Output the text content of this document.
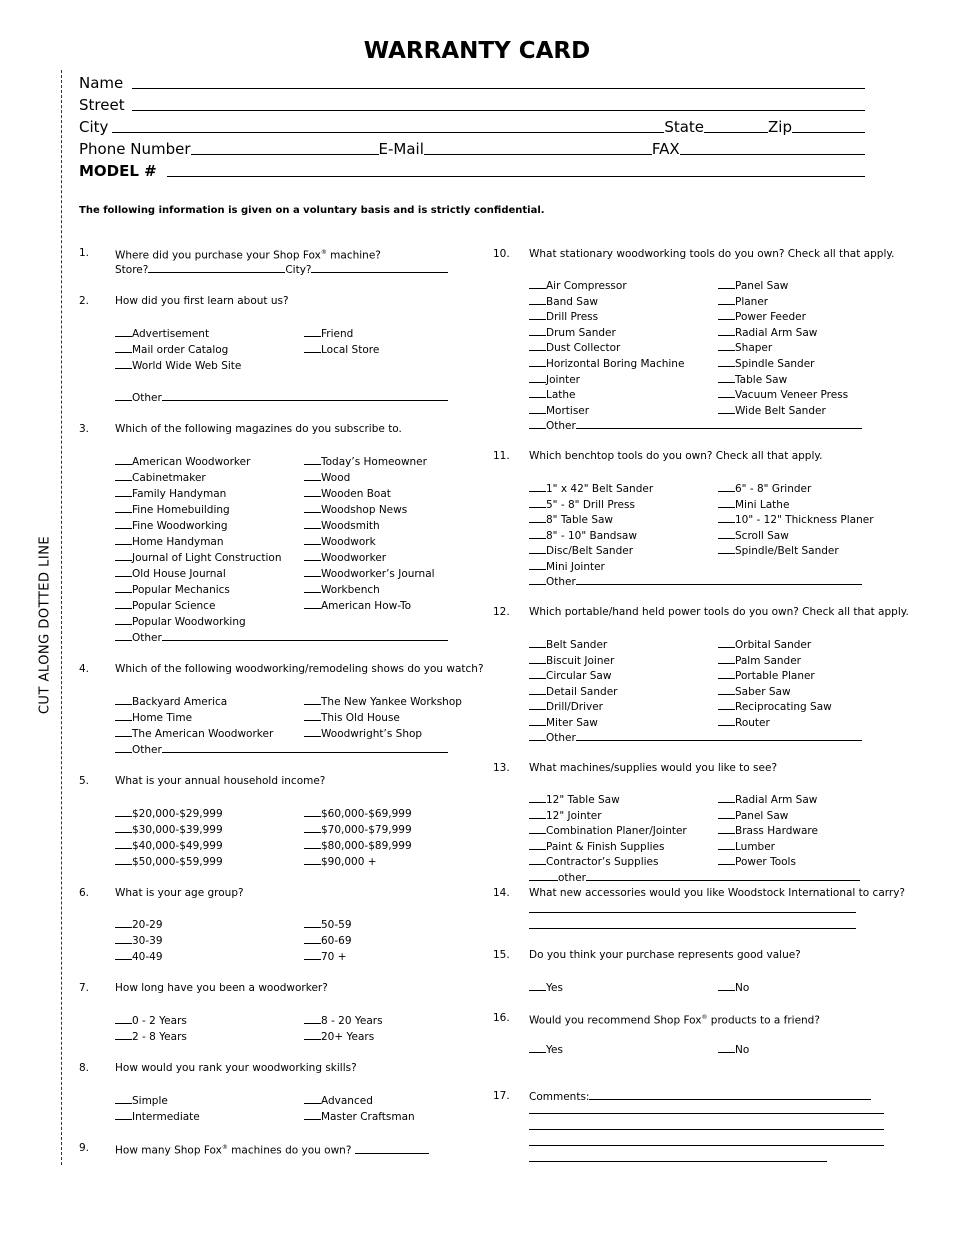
CUT ALONG DOTTED LINE
WARRANTY CARD
Name
Street
City	State	Zip
Phone Number	E-Mail	FAX
MODEL #
The following information is given on a voluntary basis and is strictly confidential.
1. Where did you purchase your Shop Fox® machine?
Store?	City?
2. How did you first learn about us?
Advertisement
Mail order Catalog
World Wide Web Site
Friend
Local Store
Other
3. Which of the following magazines do you subscribe to.
American Woodworker
Cabinetmaker
Family Handyman
Fine Homebuilding
Fine Woodworking
Home Handyman
Journal of Light Construction
Old House Journal
Popular Mechanics
Popular Science
Popular Woodworking
Today’s Homeowner
Wood
Wooden Boat
Woodshop News
Woodsmith
Woodwork
Woodworker
Woodworker’s Journal
Workbench
American How-To
Other
4. Which of the following woodworking/remodeling shows do you watch?
Backyard America
Home Time
The American Woodworker
The New Yankee Workshop
This Old House
Woodwright’s Shop
Other
5. What is your annual household income?
$20,000-$29,999
$30,000-$39,999
$40,000-$49,999
$50,000-$59,999
$60,000-$69,999
$70,000-$79,999
$80,000-$89,999
$90,000 +
6. What is your age group?
20-29
30-39
40-49
50-59
60-69
70 +
7. How long have you been a woodworker?
0 - 2 Years
2 - 8 Years
8 - 20 Years
20+ Years
8. How would you rank your woodworking skills?
Simple
Intermediate
Advanced
Master Craftsman
9. How many Shop Fox® machines do you own?
10. What stationary woodworking tools do you own? Check all that apply.
Air Compressor
Band Saw
Drill Press
Drum Sander
Dust Collector
Horizontal Boring Machine
Jointer
Lathe
Mortiser
Panel Saw
Planer
Power Feeder
Radial Arm Saw
Shaper
Spindle Sander
Table Saw
Vacuum Veneer Press
Wide Belt Sander
Other
11. Which benchtop tools do you own? Check all that apply.
1" x 42" Belt Sander
5" - 8" Drill Press
8" Table Saw
8" - 10" Bandsaw
Disc/Belt Sander
Mini Jointer
6" - 8" Grinder
Mini Lathe
10" - 12" Thickness Planer
Scroll Saw
Spindle/Belt Sander
Other
12. Which portable/hand held power tools do you own? Check all that apply.
Belt Sander
Biscuit Joiner
Circular Saw
Detail Sander
Drill/Driver
Miter Saw
Orbital Sander
Palm Sander
Portable Planer
Saber Saw
Reciprocating Saw
Router
Other
13. What machines/supplies would you like to see?
12" Table Saw
12" Jointer
Combination Planer/Jointer
Paint & Finish Supplies
Contractor’s Supplies
Radial Arm Saw
Panel Saw
Brass Hardware
Lumber
Power Tools
other
14. What new accessories would you like Woodstock International to carry?
15. Do you think your purchase represents good value?
Yes	No
16. Would you recommend Shop Fox® products to a friend?
Yes	No
17. Comments:
